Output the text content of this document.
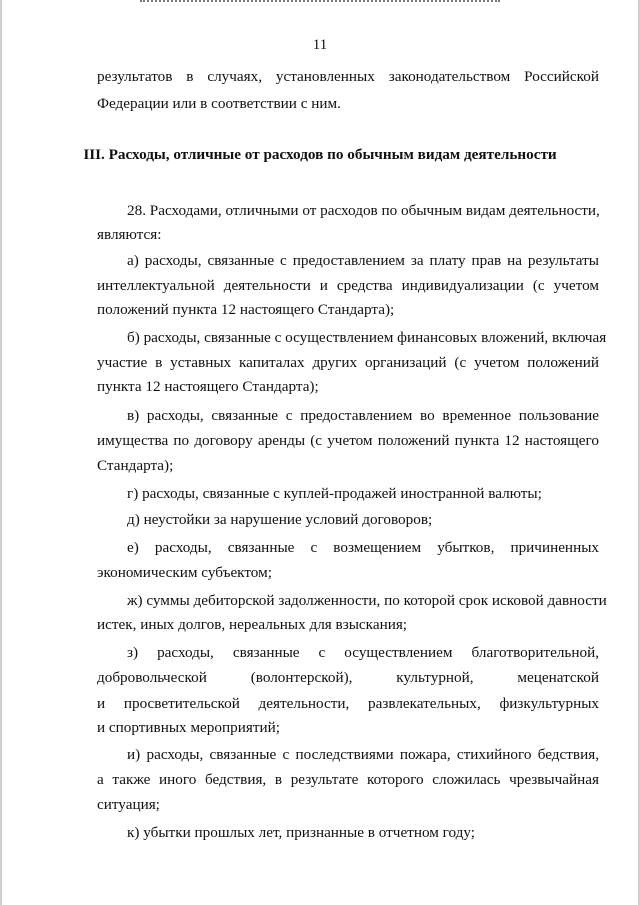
11
результатов в случаях, установленных законодательством Российской
Федерации или в соответствии с ним.
III. Расходы, отличные от расходов по обычным видам деятельности
28. Расходами, отличными от расходов по обычным видам деятельности,
являются:
а) расходы, связанные с предоставлением за плату прав на результаты
интеллектуальной деятельности и средства индивидуализации (с учетом
положений пункта 12 настоящего Стандарта);
б) расходы, связанные с осуществлением финансовых вложений, включая
участие в уставных капиталах других организаций (с учетом положений
пункта 12 настоящего Стандарта);
в) расходы, связанные с предоставлением во временное пользование
имущества по договору аренды (с учетом положений пункта 12 настоящего
Стандарта);
г) расходы, связанные с куплей-продажей иностранной валюты;
д) неустойки за нарушение условий договоров;
е) расходы, связанные с возмещением убытков, причиненных
экономическим субъектом;
ж) суммы дебиторской задолженности, по которой срок исковой давности
истек, иных долгов, нереальных для взыскания;
з) расходы, связанные с осуществлением благотворительной,
добровольческой (волонтерской), культурной, меценатской
и просветительской деятельности, развлекательных, физкультурных
и спортивных мероприятий;
и) расходы, связанные с последствиями пожара, стихийного бедствия,
а также иного бедствия, в результате которого сложилась чрезвычайная
ситуация;
к) убытки прошлых лет, признанные в отчетном году;
